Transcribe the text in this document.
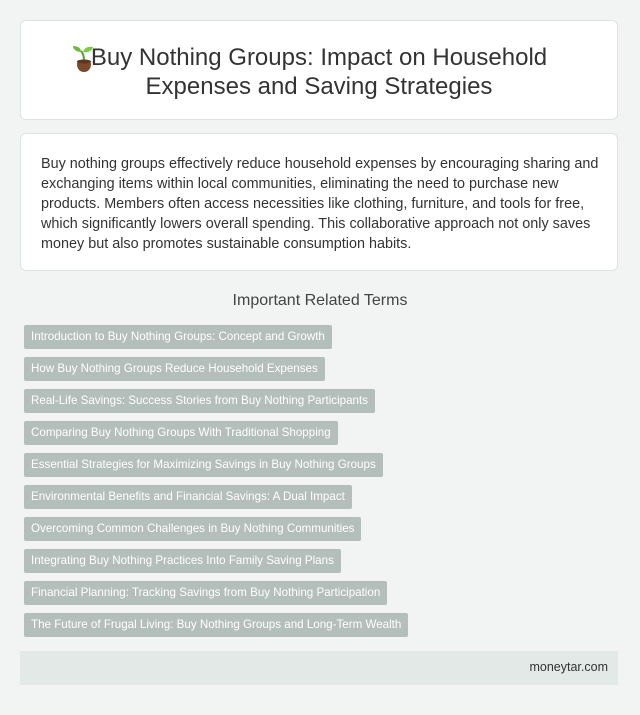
Buy Nothing Groups: Impact on Household
Expenses and Saving Strategies
Buy nothing groups effectively reduce household expenses by encouraging sharing and exchanging items within local communities, eliminating the need to purchase new products. Members often access necessities like clothing, furniture, and tools for free, which significantly lowers overall spending. This collaborative approach not only saves money but also promotes sustainable consumption habits.
Important Related Terms
Introduction to Buy Nothing Groups: Concept and Growth
How Buy Nothing Groups Reduce Household Expenses
Real-Life Savings: Success Stories from Buy Nothing Participants
Comparing Buy Nothing Groups With Traditional Shopping
Essential Strategies for Maximizing Savings in Buy Nothing Groups
Environmental Benefits and Financial Savings: A Dual Impact
Overcoming Common Challenges in Buy Nothing Communities
Integrating Buy Nothing Practices Into Family Saving Plans
Financial Planning: Tracking Savings from Buy Nothing Participation
The Future of Frugal Living: Buy Nothing Groups and Long-Term Wealth
moneytar.com
